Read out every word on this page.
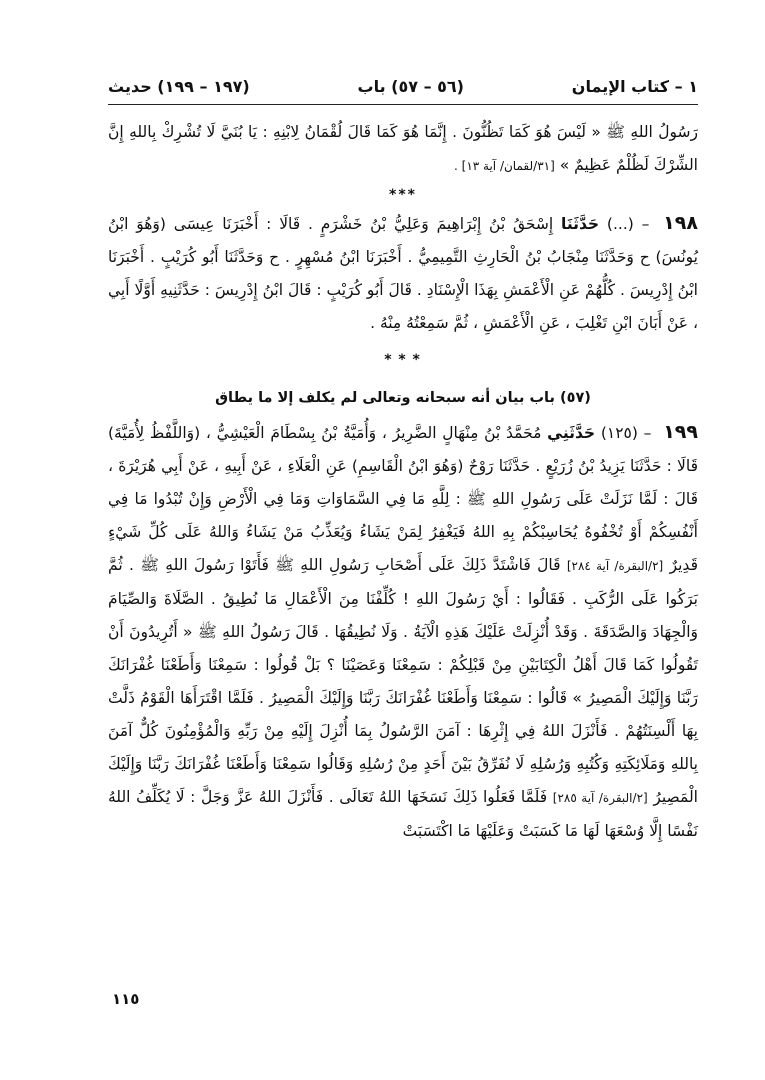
١ – كتاب الإيمان
(٥٦ – ٥٧) باب
(١٩٧ – ١٩٩) حديث

رَسُولُ اللهِ ﷺ « لَيْسَ هُوَ كَمَا تَظُنُّونَ . إِنَّمَا هُوَ كَمَا قَالَ لُقْمَانُ لِابْنِهِ : يَا بُنَيَّ لَا تُشْرِكْ بِاللهِ إِنَّ الشِّرْكَ لَظُلْمٌ عَظِيمٌ » [٣١/لقمان/ آية ١٣] .

***

١٩٨ – (...) حَدَّثَنَا إِسْحَقُ بْنُ إِبْرَاهِيمَ وَعَلِيُّ بْنُ خَشْرَمٍ . قَالَا : أَخْبَرَنَا عِيسَى (وَهُوَ ابْنُ يُونُسَ) ح وَحَدَّثَنَا مِنْجَابُ بْنُ الْحَارِثِ التَّمِيمِيُّ . أَخْبَرَنَا ابْنُ مُسْهِرٍ . ح وَحَدَّثَنَا أَبُو كُرَيْبٍ . أَخْبَرَنَا ابْنُ إِدْرِيسَ . كُلُّهُمْ عَنِ الْأَعْمَشِ بِهَذَا الْإِسْنَادِ . قَالَ أَبُو كُرَيْبٍ : قَالَ ابْنُ إِدْرِيسَ : حَدَّثَنِيهِ أَوَّلًا أَبِي ، عَنْ أَبَانَ ابْنِ تَغْلِبَ ، عَنِ الْأَعْمَشِ ، ثُمَّ سَمِعْتُهُ مِنْهُ .

* * *

(٥٧) باب بيان أنه سبحانه وتعالى لم يكلف إلا ما يطاق

١٩٩ – (١٢٥) حَدَّثَنِي مُحَمَّدُ بْنُ مِنْهَالٍ الضَّرِيرُ ، وَأُمَيَّةُ بْنُ بِسْطَامَ الْعَيْشِيُّ ، (وَاللَّفْظُ لِأُمَيَّةَ) قَالَا : حَدَّثَنَا يَزِيدُ بْنُ زُرَيْعٍ . حَدَّثَنَا رَوْحٌ (وَهُوَ ابْنُ الْقَاسِمِ) عَنِ الْعَلَاءِ ، عَنْ أَبِيهِ ، عَنْ أَبِي هُرَيْرَةَ ، قَالَ : لَمَّا نَزَلَتْ عَلَى رَسُولِ اللهِ ﷺ : لِلَّهِ مَا فِي السَّمَاوَاتِ وَمَا فِي الْأَرْضِ وَإِنْ تُبْدُوا مَا فِي أَنْفُسِكُمْ أَوْ تُخْفُوهُ يُحَاسِبْكُمْ بِهِ اللهُ فَيَغْفِرُ لِمَنْ يَشَاءُ وَيُعَذِّبُ مَنْ يَشَاءُ وَاللهُ عَلَى كُلِّ شَيْءٍ قَدِيرٌ [٢/البقرة/ آية ٢٨٤] قَالَ فَاشْتَدَّ ذَلِكَ عَلَى أَصْحَابِ رَسُولِ اللهِ ﷺ فَأَتَوْا رَسُولَ اللهِ ﷺ . ثُمَّ بَرَكُوا عَلَى الرُّكَبِ . فَقَالُوا : أَيْ رَسُولَ اللهِ ! كُلِّفْنَا مِنَ الْأَعْمَالِ مَا نُطِيقُ . الصَّلَاةَ وَالصِّيَامَ وَالْجِهَادَ وَالصَّدَقَةَ . وَقَدْ أُنْزِلَتْ عَلَيْكَ هَذِهِ الْآيَةُ . وَلَا نُطِيقُهَا . قَالَ رَسُولُ اللهِ ﷺ « أَتُرِيدُونَ أَنْ تَقُولُوا كَمَا قَالَ أَهْلُ الْكِتَابَيْنِ مِنْ قَبْلِكُمْ : سَمِعْنَا وَعَصَيْنَا ؟ بَلْ قُولُوا : سَمِعْنَا وَأَطَعْنَا غُفْرَانَكَ رَبَّنَا وَإِلَيْكَ الْمَصِيرُ » قَالُوا : سَمِعْنَا وَأَطَعْنَا غُفْرَانَكَ رَبَّنَا وَإِلَيْكَ الْمَصِيرُ . فَلَمَّا اقْتَرَأَهَا الْقَوْمُ ذَلَّتْ بِهَا أَلْسِنَتُهُمْ . فَأَنْزَلَ اللهُ فِي إِثْرِهَا : آمَنَ الرَّسُولُ بِمَا أُنْزِلَ إِلَيْهِ مِنْ رَبِّهِ وَالْمُؤْمِنُونَ كُلٌّ آمَنَ بِاللهِ وَمَلَائِكَتِهِ وَكُتُبِهِ وَرُسُلِهِ لَا نُفَرِّقُ بَيْنَ أَحَدٍ مِنْ رُسُلِهِ وَقَالُوا سَمِعْنَا وَأَطَعْنَا غُفْرَانَكَ رَبَّنَا وَإِلَيْكَ الْمَصِيرُ [٢/البقرة/ آية ٢٨٥] فَلَمَّا فَعَلُوا ذَلِكَ نَسَخَهَا اللهُ تَعَالَى . فَأَنْزَلَ اللهُ عَزَّ وَجَلَّ : لَا يُكَلِّفُ اللهُ نَفْسًا إِلَّا وُسْعَهَا لَهَا مَا كَسَبَتْ وَعَلَيْهَا مَا اكْتَسَبَتْ

١١٥
